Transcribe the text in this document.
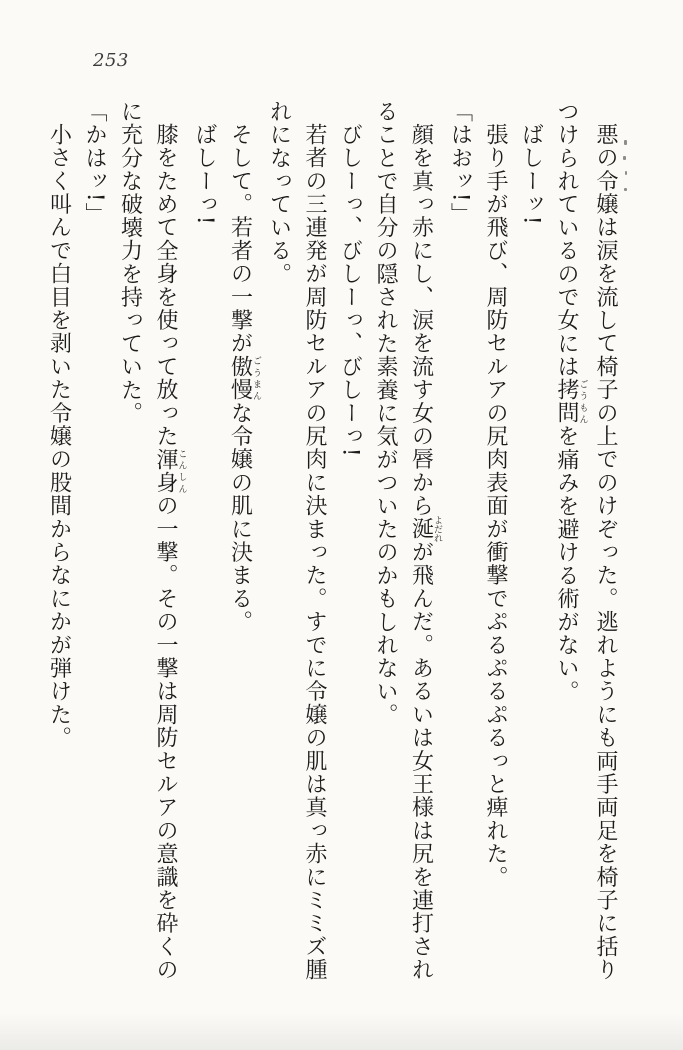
253

悪の令嬢は涙を流して椅子の上でのけぞった。逃れようにも両手両足を椅子に括り

つけられているので女には拷問ごうもんを痛みを避ける術がない。

ばしーッ!

張り手が飛び、周防セルアの尻肉表面が衝撃でぷるぷるぷるっと痺れた。

「はおッ!」

顔を真っ赤にし、涙を流す女の唇から涎よだれが飛んだ。あるいは女王様は尻を連打され

ることで自分の隠された素養に気がついたのかもしれない。

びしーっ、びしーっ、びしーっ!

若者の三連発が周防セルアの尻肉に決まった。すでに令嬢の肌は真っ赤にミミズ腫

れになっている。

そして。若者の一撃が傲慢ごうまんな令嬢の肌に決まる。

ばしーっ!

膝をためて全身を使って放った渾身こんしんの一撃。その一撃は周防セルアの意識を砕くの

に充分な破壊力を持っていた。

「かはッ!」

小さく叫んで白目を剥いた令嬢の股間からなにかが弾けた。
